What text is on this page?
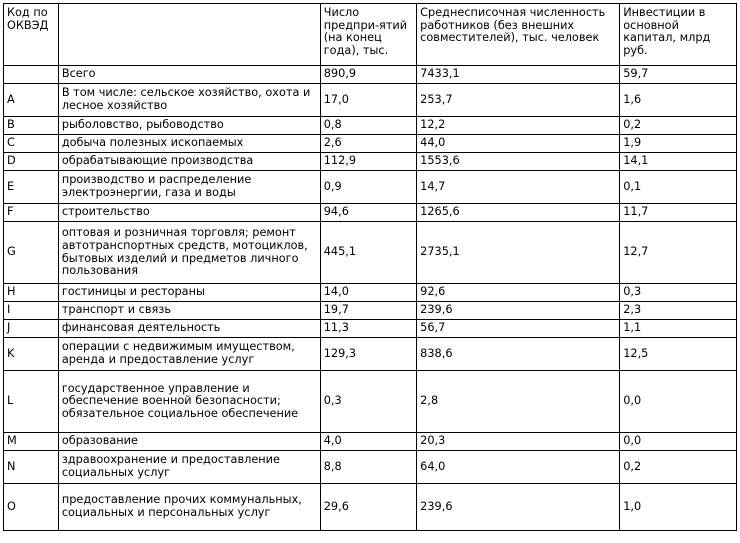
Код по ОКВЭД		Число предпри-ятий (на конец года), тыс.	Среднесписочная численность работников (без внешних совместителей), тыс. человек	Инвестиции в основной капитал, млрд руб.
	Всего	890,9	7433,1	59,7
A	В том числе: сельское хозяйство, охота и лесное хозяйство	17,0	253,7	1,6
B	рыболовство, рыбоводство	0,8	12,2	0,2
C	добыча полезных ископаемых	2,6	44,0	1,9
D	обрабатывающие производства	112,9	1553,6	14,1
E	производство и распределение электроэнергии, газа и воды	0,9	14,7	0,1
F	строительство	94,6	1265,6	11,7
G	оптовая и розничная торговля; ремонт автотранспортных средств, мотоциклов, бытовых изделий и предметов личного пользования	445,1	2735,1	12,7
H	гостиницы и рестораны	14,0	92,6	0,3
I	транспорт и связь	19,7	239,6	2,3
J	финансовая деятельность	11,3	56,7	1,1
K	операции с недвижимым имуществом, аренда и предоставление услуг	129,3	838,6	12,5
L	государственное управление и обеспечение военной безопасности; обязательное социальное обеспечение	0,3	2,8	0,0
M	образование	4,0	20,3	0,0
N	здравоохранение и предоставление социальных услуг	8,8	64,0	0,2
O	предоставление прочих коммунальных, социальных и персональных услуг	29,6	239,6	1,0
